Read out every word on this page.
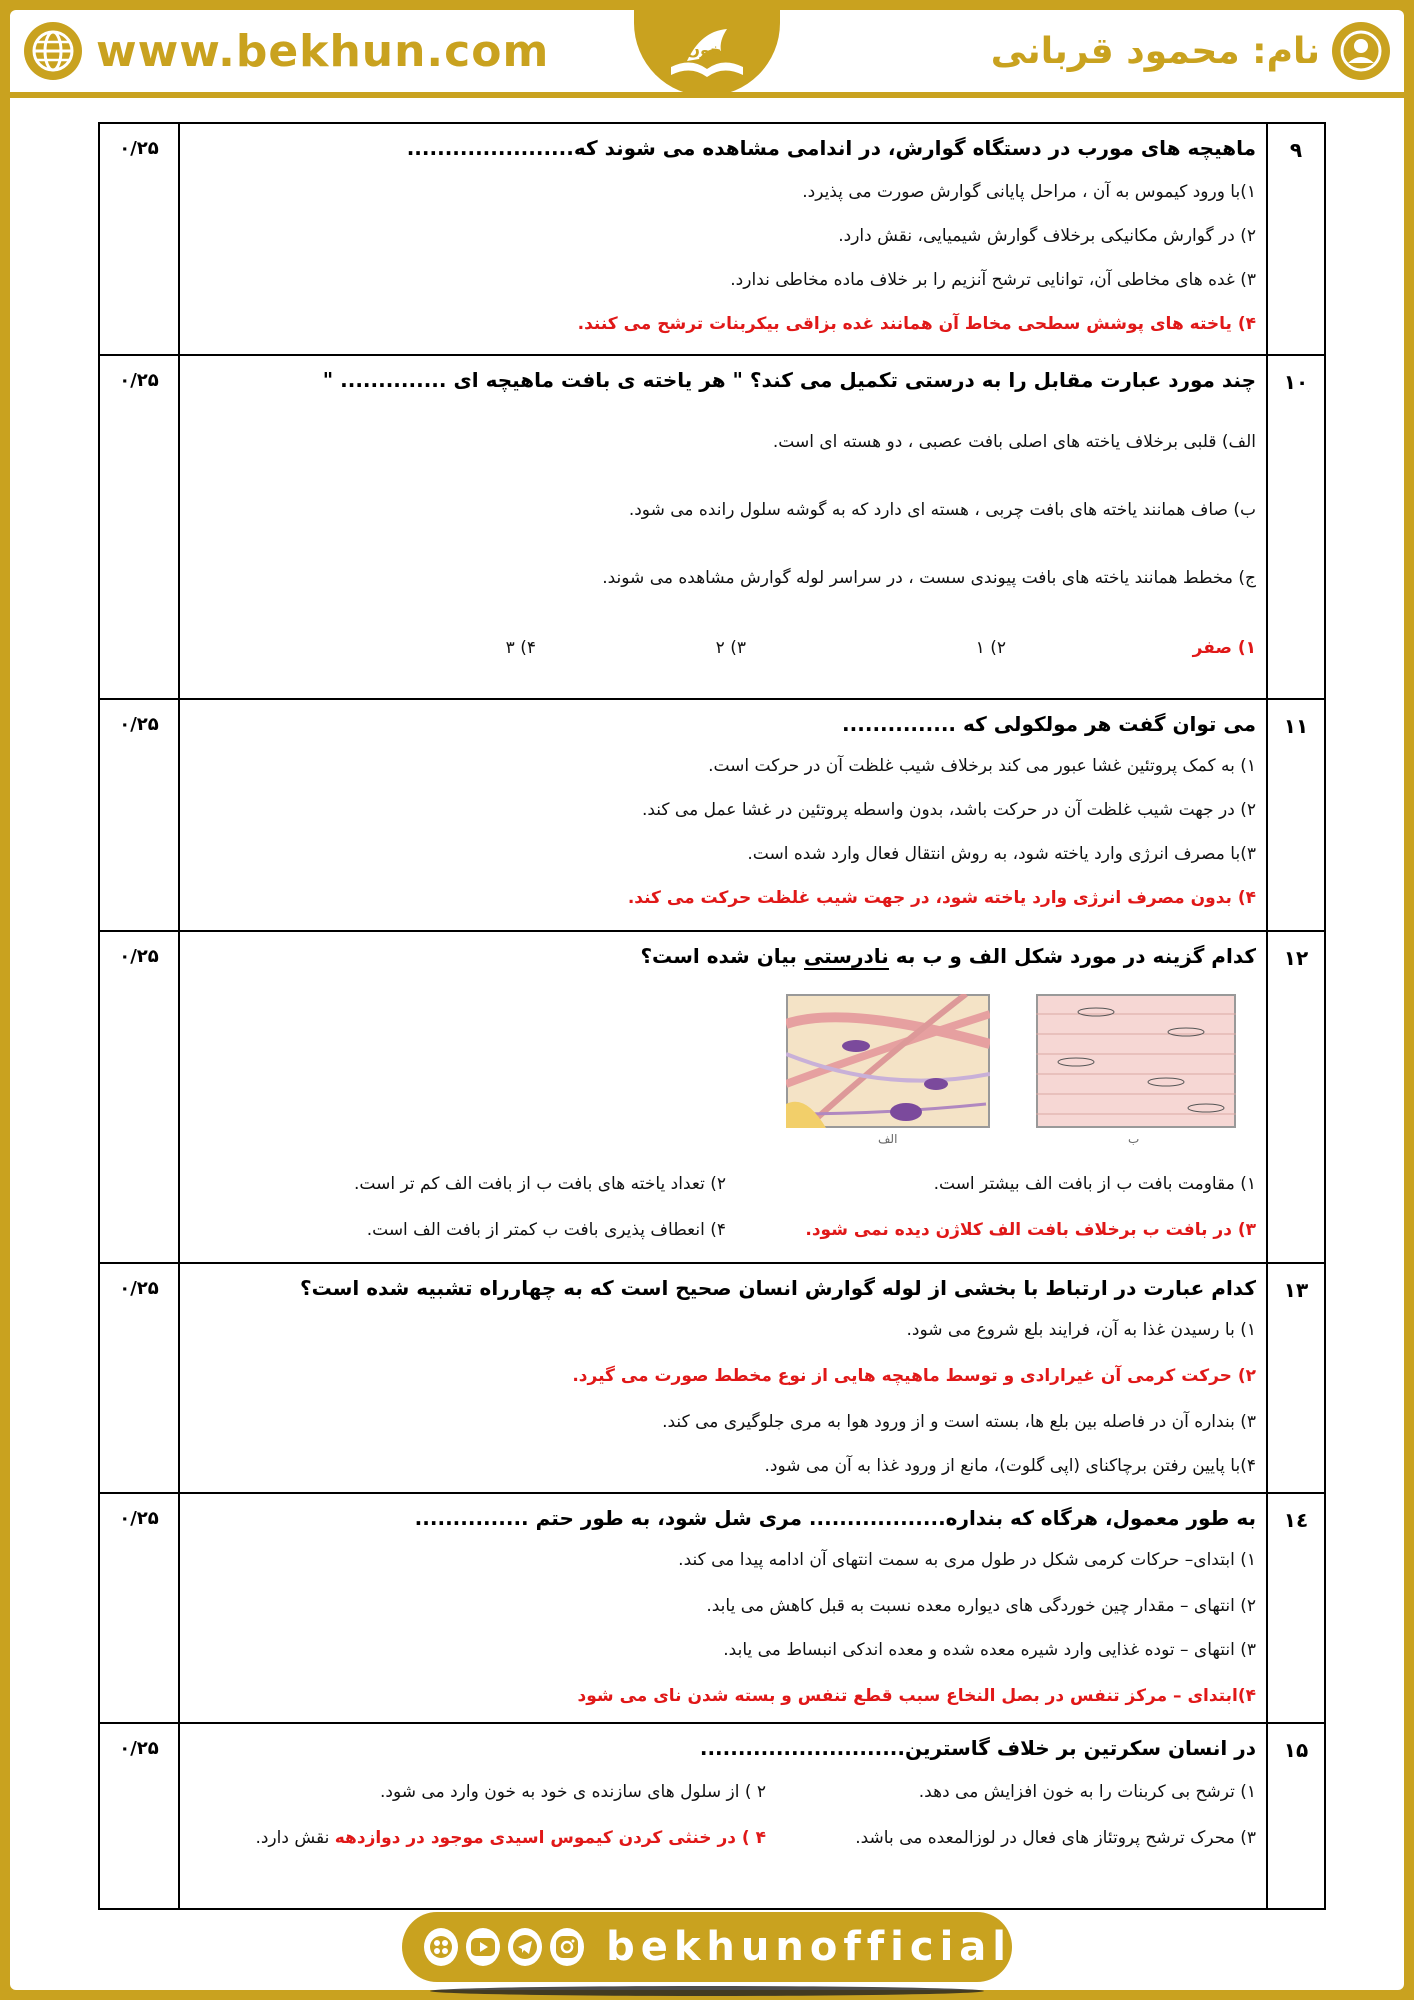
www.bekhun.com	بخون	نام: محمود قربانی
۹
۰/۲۵	ماهیچه های مورب در دستگاه گوارش، در اندامی مشاهده می شوند که......................
۱)با ورود کیموس به آن ، مراحل پایانی گوارش صورت می پذیرد.
۲) در گوارش مکانیکی برخلاف گوارش شیمیایی، نقش دارد.
۳) غده های مخاطی آن، توانایی ترشح آنزیم را بر خلاف ماده مخاطی ندارد.
۴) یاخته های پوشش سطحی مخاط آن همانند غده بزاقی بیکربنات ترشح می کنند.
۱۰
۰/۲۵	چند مورد عبارت مقابل را به درستی تکمیل می کند؟ " هر یاخته ی بافت ماهیچه ای .............. "
الف) قلبی برخلاف یاخته های اصلی بافت عصبی ، دو هسته ای است.
ب) صاف همانند یاخته های بافت چربی ، هسته ای دارد که به گوشه سلول رانده می شود.
ج) مخطط همانند یاخته های بافت پیوندی سست ، در سراسر لوله گوارش مشاهده می شوند.
۱) صفر
۲) ۱
۳) ۲
۴) ۳
۱۱
۰/۲۵	می توان گفت هر مولکولی که ...............
۱) به کمک پروتئین غشا عبور می کند برخلاف شیب غلظت آن در حرکت است.
۲) در جهت شیب غلظت آن در حرکت باشد، بدون واسطه پروتئین در غشا عمل می کند.
۳)با مصرف انرژی وارد یاخته شود، به روش انتقال فعال وارد شده است.
۴) بدون مصرف انرژی وارد یاخته شود، در جهت شیب غلظت حرکت می کند.
۱۲
۰/۲۵	کدام گزینه در مورد شکل الف و ب به نادرستی بیان شده است؟
ب
الف
۱) مقاومت بافت ب از بافت الف بیشتر است.
۲) تعداد یاخته های بافت ب از بافت الف کم تر است.
۳) در بافت ب برخلاف بافت الف کلاژن دیده نمی شود.
۴) انعطاف پذیری بافت ب کمتر از بافت الف است.
۱۳
۰/۲۵	کدام عبارت در ارتباط با بخشی از لوله گوارش انسان صحیح است که به چهارراه تشبیه شده است؟
۱) با رسیدن غذا به آن، فرایند بلع شروع می شود.
۲) حرکت کرمی آن غیرارادی و توسط ماهیچه هایی از نوع مخطط صورت می گیرد.
۳) بنداره آن در فاصله بین بلع ها، بسته است و از ورود هوا به مری جلوگیری می کند.
۴)با پایین رفتن برچاکنای (اپی گلوت)، مانع از ورود غذا به آن می شود.
۱٤
۰/۲۵	به طور معمول، هرگاه که بنداره.................. مری شل شود، به طور حتم ...............
۱) ابتدای– حرکات کرمی شکل در طول مری به سمت انتهای آن ادامه پیدا می کند.
۲) انتهای – مقدار چین خوردگی های دیواره معده نسبت به قبل کاهش می یابد.
۳) انتهای – توده غذایی وارد شیره معده شده و معده اندکی انبساط می یابد.
۴)ابتدای – مرکز تنفس در بصل النخاع سبب قطع تنفس و بسته شدن نای می شود
۱۵
۰/۲۵	در انسان سکرتین بر خلاف گاسترین...........................
۱) ترشح بی کربنات را به خون افزایش می دهد.
۲ ) از سلول های سازنده ی خود به خون وارد می شود.
۳) محرک ترشح پروتئاز های فعال در لوزالمعده می باشد.
۴ ) در خنثی کردن کیموس اسیدی موجود در دوازدهه نقش دارد.
bekhunofficial
